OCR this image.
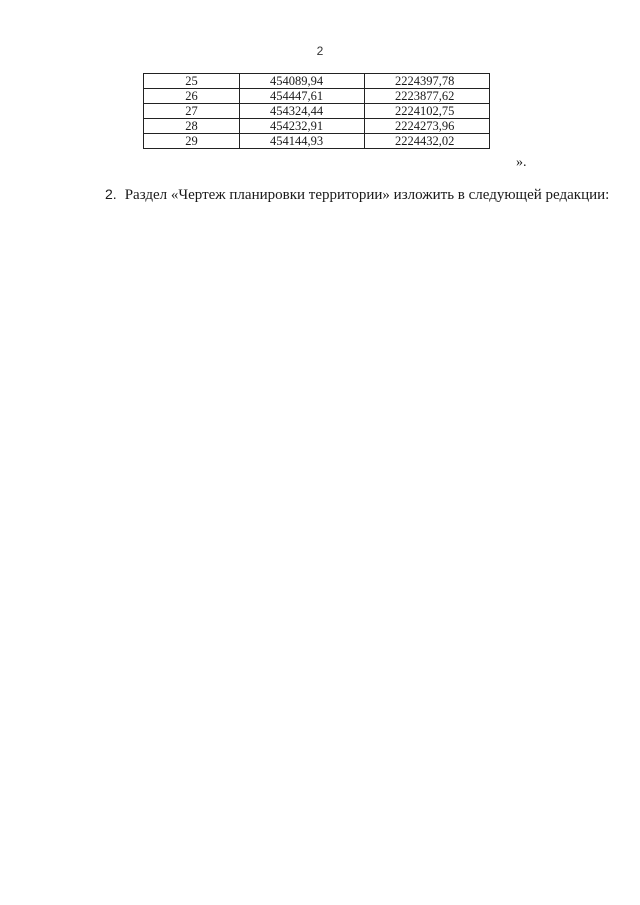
2
25	454089,94	2224397,78
26	454447,61	2223877,62
27	454324,44	2224102,75
28	454232,91	2224273,96
29	454144,93	2224432,02
».
2. Раздел «Чертеж планировки территории» изложить в следующей редакции:
